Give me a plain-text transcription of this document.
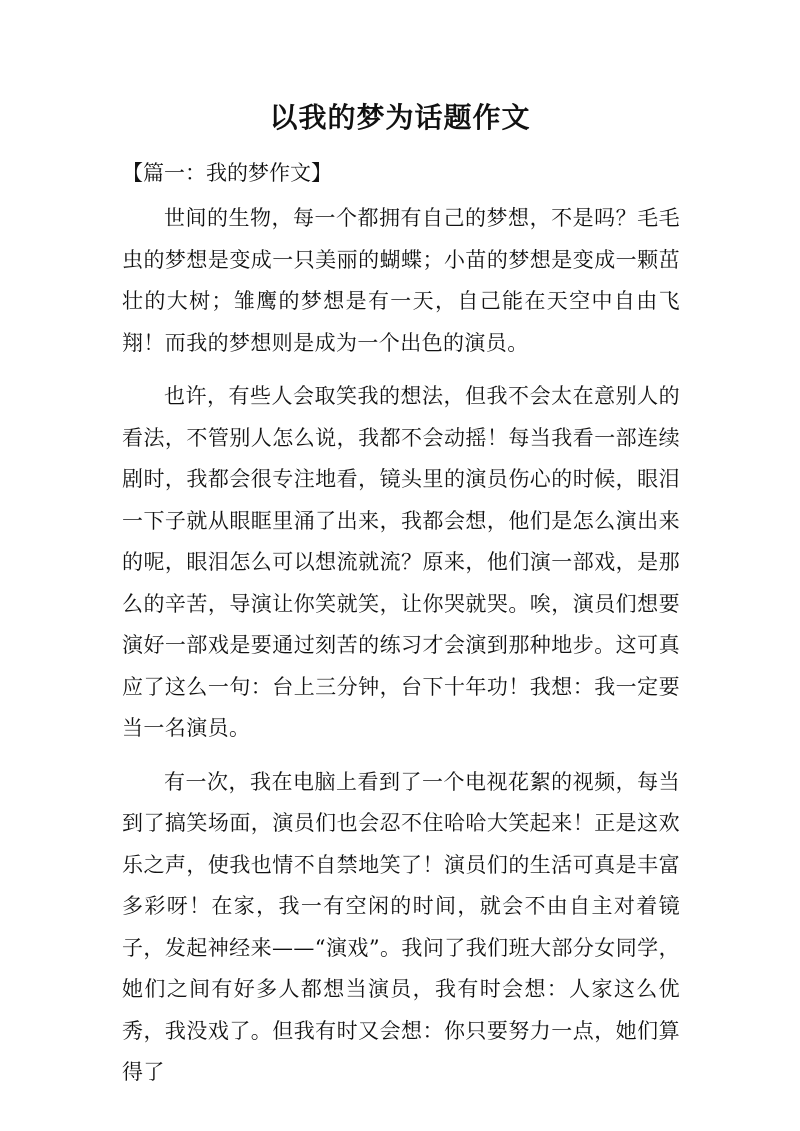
以我的梦为话题作文

【篇一：我的梦作文】

世间的生物，每一个都拥有自己的梦想，不是吗？毛毛虫的梦想是变成一只美丽的蝴蝶；小苗的梦想是变成一颗茁壮的大树；雏鹰的梦想是有一天，自己能在天空中自由飞翔！而我的梦想则是成为一个出色的演员。

也许，有些人会取笑我的想法，但我不会太在意别人的看法，不管别人怎么说，我都不会动摇！每当我看一部连续剧时，我都会很专注地看，镜头里的演员伤心的时候，眼泪一下子就从眼眶里涌了出来，我都会想，他们是怎么演出来的呢，眼泪怎么可以想流就流？原来，他们演一部戏，是那么的辛苦，导演让你笑就笑，让你哭就哭。唉，演员们想要演好一部戏是要通过刻苦的练习才会演到那种地步。这可真应了这么一句：台上三分钟，台下十年功！我想：我一定要当一名演员。

有一次，我在电脑上看到了一个电视花絮的视频，每当到了搞笑场面，演员们也会忍不住哈哈大笑起来！正是这欢乐之声，使我也情不自禁地笑了！演员们的生活可真是丰富多彩呀！在家，我一有空闲的时间，就会不由自主对着镜子，发起神经来——“演戏”。我问了我们班大部分女同学，她们之间有好多人都想当演员，我有时会想：人家这么优秀，我没戏了。但我有时又会想：你只要努力一点，她们算得了
